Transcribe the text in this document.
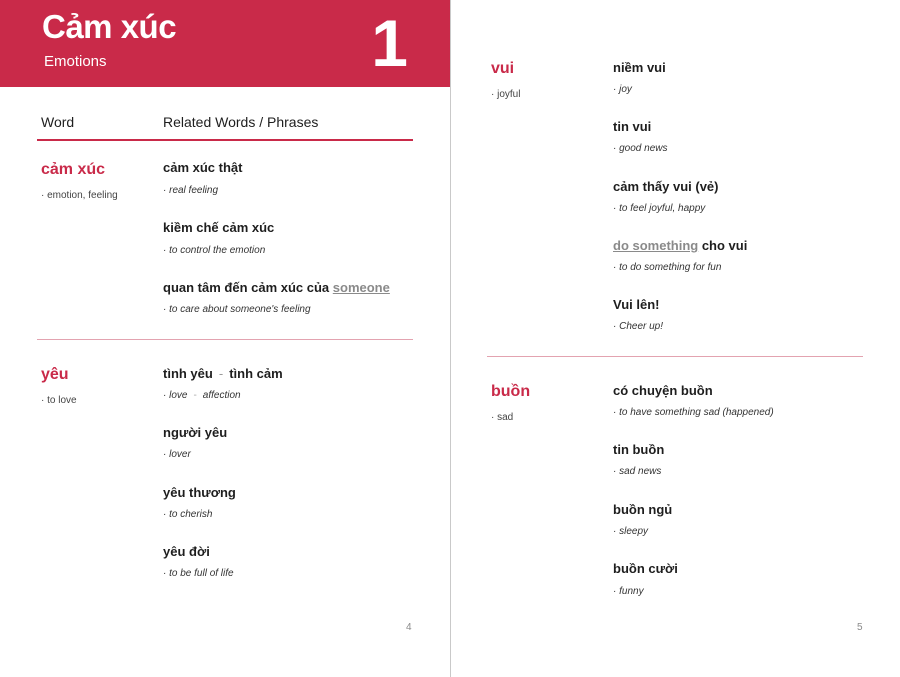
Cảm xúc
Emotions	1
Word	Related Words / Phrases
cảm xúc
· emotion, feeling
cảm xúc thật
· real feeling
kiềm chế cảm xúc
· to control the emotion
quan tâm đến cảm xúc của someone
· to care about someone's feeling
yêu
· to love
tình yêu - tình cảm
· love - affection
người yêu
· lover
yêu thương
· to cherish
yêu đời
· to be full of life
4
vui
· joyful
niềm vui
· joy
tin vui
· good news
cảm thấy vui (vẻ)
· to feel joyful, happy
do something cho vui
· to do something for fun
Vui lên!
· Cheer up!
buồn
· sad
có chuyện buồn
· to have something sad (happened)
tin buồn
· sad news
buồn ngủ
· sleepy
buồn cười
· funny
5
